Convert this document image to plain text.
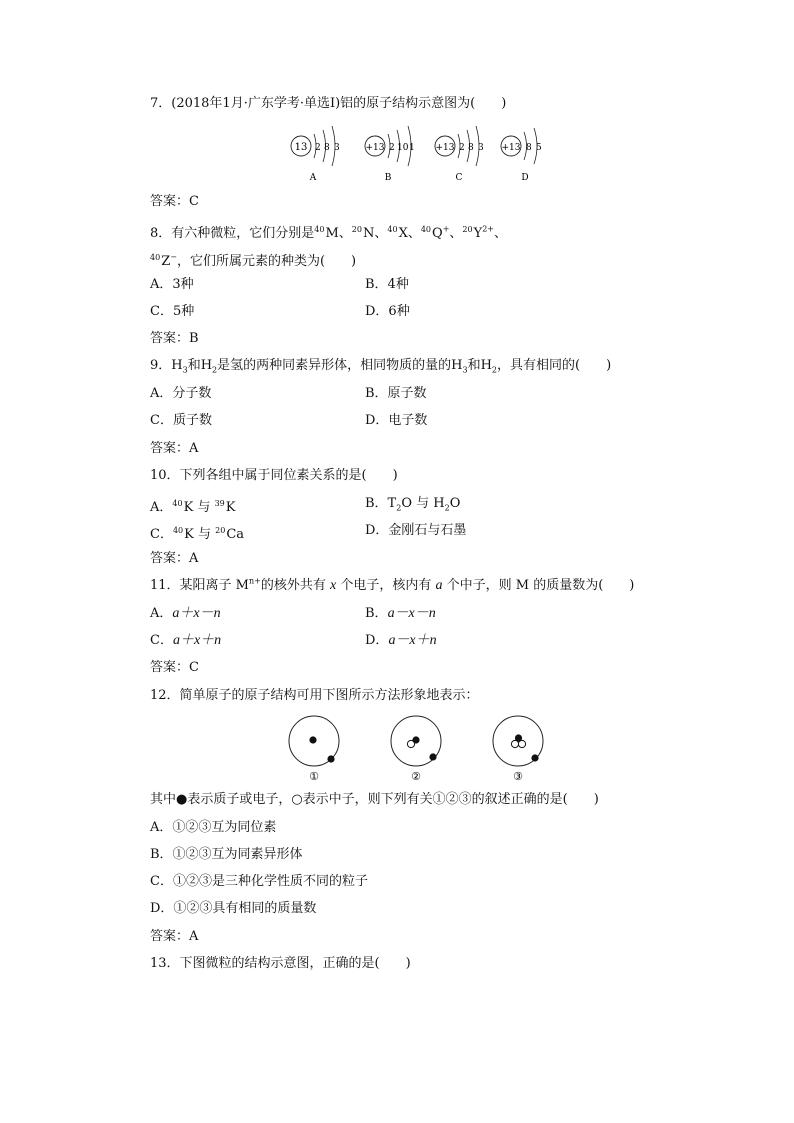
7．(2018年1月·广东学考·单选Ⅰ)铝的原子结构示意图为(　　)
13 2 8 3
A
+13 2 10 1
B
+13 2 8 3
C
+13 8 5
D
答案：C
8．有六种微粒，它们分别是$^{40}$M、$^{20}$N、$^{40}$X、$^{40}$Q+、$^{20}Y^{2+}$、
$^{40}$Z−，它们所属元素的种类为(　　)
A．3种	B．4种
C．5种	D．6种
答案：B
9．$H_3$和$H_2$是氢的两种同素异形体，相同物质的量的$H_3$和$H_2$，具有相同的(　　)
A．分子数	B．原子数
C．质子数	D．电子数
答案：A
10．下列各组中属于同位素关系的是(　　)
A．$^{40}$K 与 $^{39}$K	B．$T_2O$ 与 $H_2O$
C．$^{40}$K 与 $^{20}$Ca	D．金刚石与石墨
答案：A
11．某阳离子 $M^{n+}$的核外共有 x 个电子，核内有 a 个中子，则 M 的质量数为(　　)
A．a＋x－n	B．a－x－n
C．a＋x＋n	D．a－x＋n
答案：C
12．简单原子的原子结构可用下图所示方法形象地表示：
①	②	③
其中●表示质子或电子，○表示中子，则下列有关①②③的叙述正确的是(　　)
A．①②③互为同位素
B．①②③互为同素异形体
C．①②③是三种化学性质不同的粒子
D．①②③具有相同的质量数
答案：A
13．下图微粒的结构示意图，正确的是(　　)
